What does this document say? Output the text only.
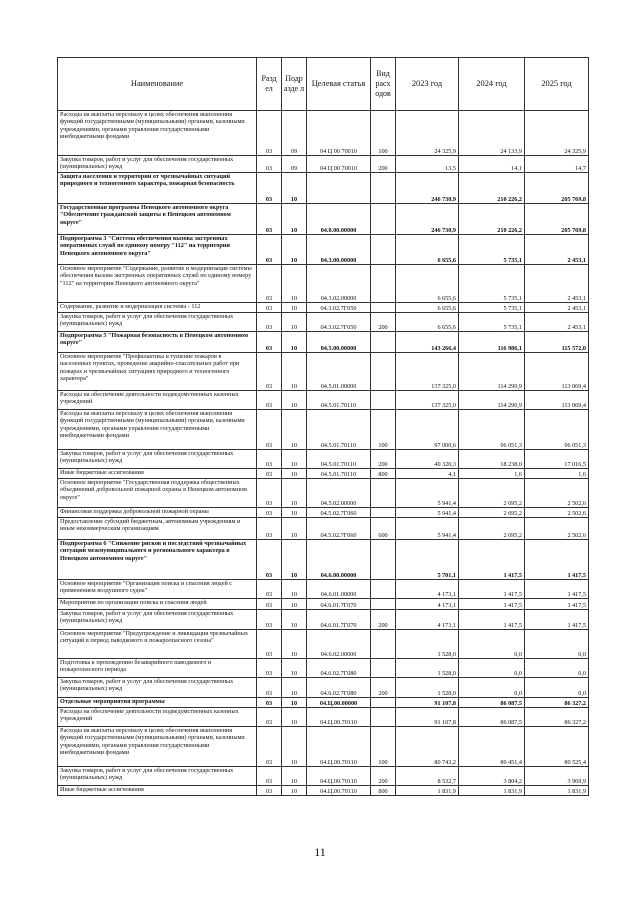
Наименование	Разд ел	Подр азде л	Целевая статья	Вид расх одов	2023 год	2024 год	2025 год
Расходы на выплаты персоналу в целях обеспечения выполнения функций государственными (муниципальными) органами, казенными учреждениями, органами управления государственными внебюджетными фондами	03	09	04 Ц 00 70010	100	24 325,9	24 133,9	24 325,9
Закупка товаров, работ и услуг для обеспечения государственных (муниципальных) нужд	03	09	04 Ц 00 70010	200	13,5	14,1	14,7
Защита населения и территории от чрезвычайных ситуаций природного и техногенного характера, пожарная безопасность	03	10			246 730,9	210 226,2	205 769,8
Государственная программа Ненецкого автономного округа "Обеспечение гражданской защиты в Ненецком автономном округе"	03	10	04.0.00.00000		246 730,9	210 226,2	205 769,8
Подпрограмма 3 "Система обеспечения вызова экстренных оперативных служб по единому номеру "112" на территории Ненецкого автономного округа"	03	10	04.3.00.00000		6 655,6	5 735,1	2 453,1
Основное мероприятие "Содержание, развитие и модернизация системы обеспечения вызова экстренных оперативных служб по единому номеру "112" на территории Ненецкого автономного округа"	03	10	04.3.02.00000		6 655,6	5 735,1	2 453,1
Содержание, развитие и модернизация системы - 112	03	10	04.3.02.7Г050		6 655,6	5 735,1	2 453,1
Закупка товаров, работ и услуг для обеспечения государственных (муниципальных) нужд	03	10	04.3.02.7Г050	200	6 655,6	5 735,1	2 453,1
Подпрограмма 5 "Пожарная безопасность в Ненецком автономном округе"	03	10	04.5.00.00000		143 266,4	116 986,1	115 572,0
Основное мероприятие "Профилактика и тушение пожаров в населенных пунктах, проведение аварийно-спасательных работ при пожарах и чрезвычайных ситуациях природного и техногенного характера"	03	10	04.5.01.00000		137 325,0	114 290,9	113 069,4
Расходы на обеспечение деятельности подведомственных казенных учреждений	03	10	04.5.01.70110		137 325,0	114 290,9	113 069,4
Расходы на выплаты персоналу в целях обеспечения выполнения функций государственными (муниципальными) органами, казенными учреждениями, органами управления государственными внебюджетными фондами	03	10	04.5.01.70110	100	97 000,6	96 051,3	96 051,3
Закупка товаров, работ и услуг для обеспечения государственных (муниципальных) нужд	03	10	04.5.01.70110	200	40 320,3	18 238,0	17 016,5
Иные бюджетные ассигнования	03	10	04.5.01.70110	800	4,1	1,6	1,6
Основное мероприятие "Государственная поддержка общественных объединений добровольной пожарной охраны в Ненецком автономном округе"	03	10	04.5.02.00000		5 941,4	2 695,2	2 502,6
Финансовая поддержка добровольной пожарной охраны	03	10	04.5.02.7Г060		5 941,4	2 695,2	2 502,6
Предоставление субсидий бюджетным, автономным учреждениям и иным некоммерческим организациям	03	10	04.5.02.7Г060	600	5 941,4	2 695,2	2 502,6
Подпрограмма 6 "Снижение рисков и последствий чрезвычайных ситуаций межмуниципального и регионального характера в Ненецком автономном округе"	03	10	04.6.00.00000		5 701,1	1 417,5	1 417,5
Основное мероприятие "Организация поиска и спасения людей с применением воздушного судна"	03	10	04.6.01.00000		4 173,1	1 417,5	1 417,5
Мероприятия по организации поиска и спасения людей	03	10	04.6.01.7Г070		4 173,1	1 417,5	1 417,5
Закупка товаров, работ и услуг для обеспечения государственных (муниципальных) нужд	03	10	04.6.01.7Г070	200	4 173,1	1 417,5	1 417,5
Основное мероприятие "Предупреждение и ликвидация чрезвычайных ситуаций в период паводкового и пожароопасного сезона"	03	10	04.6.02.00000		1 528,0	0,0	0,0
Подготовка к прохождению безаварийного паводкового и пожароопасного периода	03	10	04.6.02.7Г080		1 528,0	0,0	0,0
Закупка товаров, работ и услуг для обеспечения государственных (муниципальных) нужд	03	10	04.6.02.7Г080	200	1 528,0	0,0	0,0
Отдельные мероприятия программы	03	10	04.Ц.00.00000		91 107,8	86 087,5	86 327,2
Расходы на обеспечение деятельности подведомственных казенных учреждений	03	10	04.Ц.00.70110		91 107,8	86 087,5	86 327,2
Расходы на выплаты персоналу в целях обеспечения выполнения функций государственными (муниципальными) органами, казенными учреждениями, органами управления государственными внебюджетными фондами	03	10	04.Ц.00.70110	100	80 743,2	80 451,4	80 525,4
Закупка товаров, работ и услуг для обеспечения государственных (муниципальных) нужд	03	10	04.Ц.00.70110	200	8 532,7	3 804,2	3 969,9
Иные бюджетные ассигнования	03	10	04.Ц.00.70110	800	1 831,9	1 831,9	1 831,9
11
